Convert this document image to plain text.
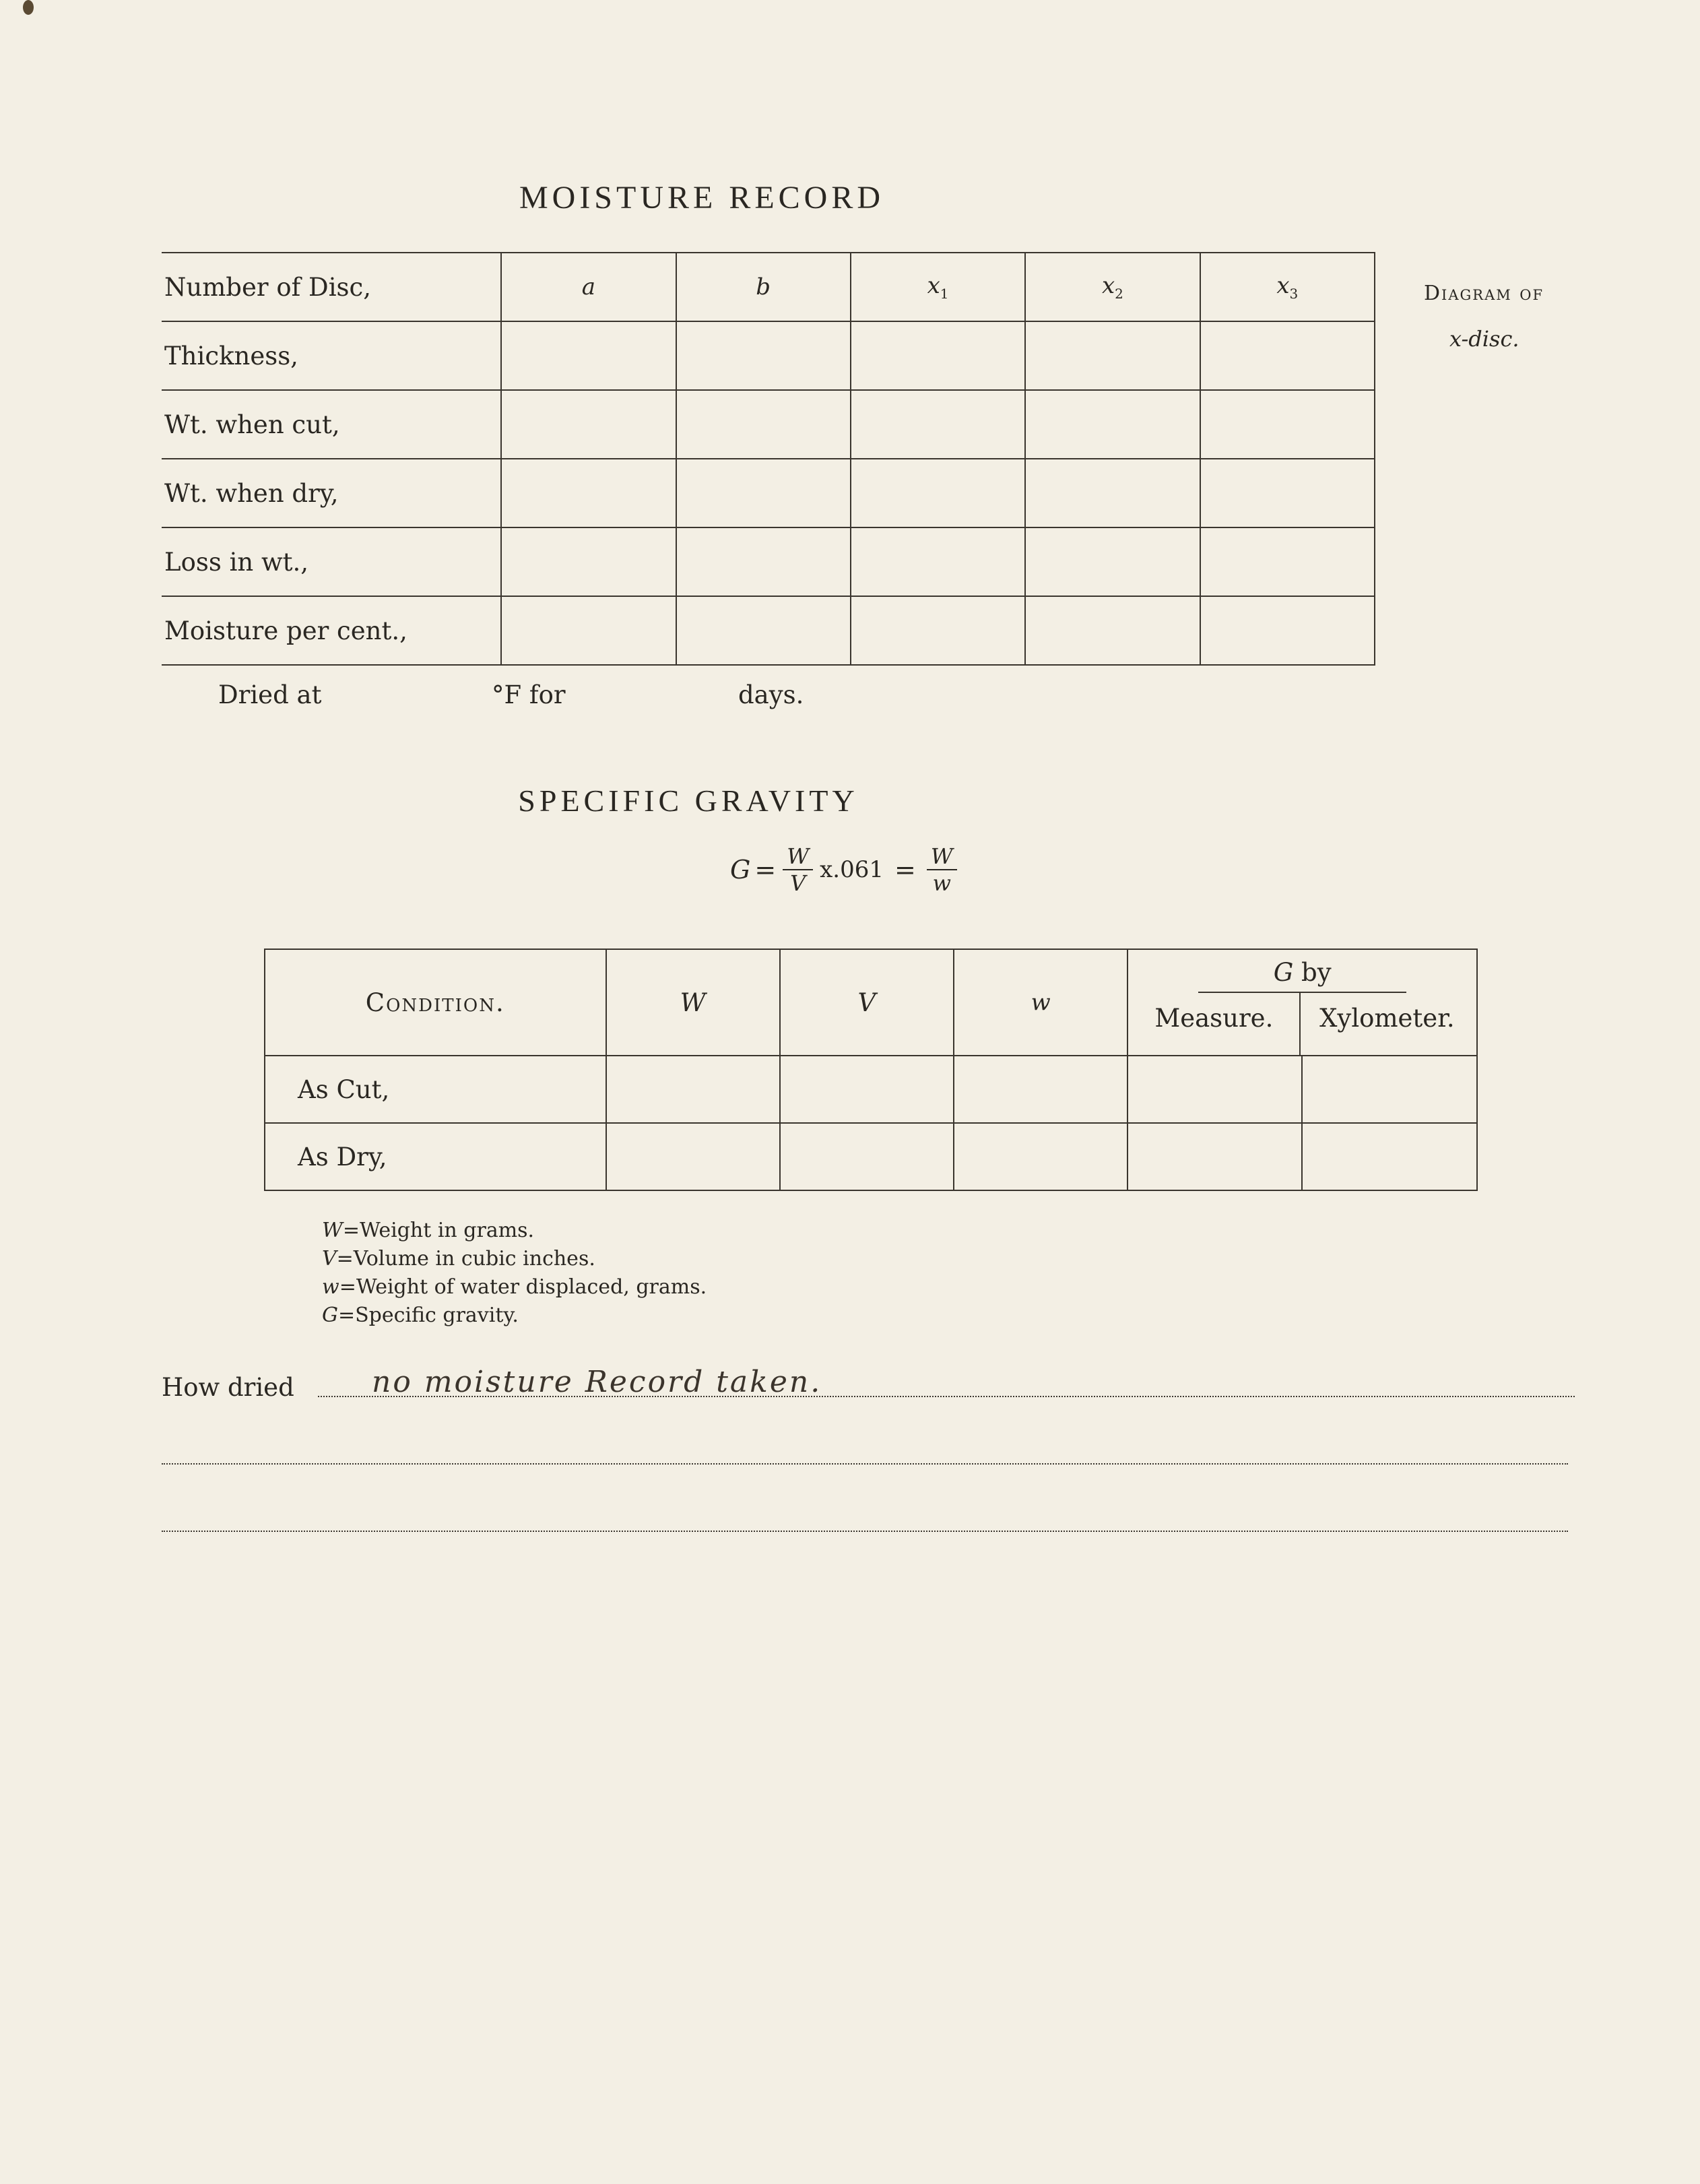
MOISTURE RECORD
Number of Disc,	a	b	$x_1$	$x_2$	$x_3$
Thickness,					
Wt. when cut,					
Wt. when dry,					
Loss in wt.,					
Moisture per cent.,					
Diagram of
x-disc.
Dried at	°F for	days.
SPECIFIC GRAVITY
$G = \frac{W}{V} x.061 = \frac{W}{w}$
Condition.	W	V	w	G by
Measure. Xylometer.	

As Cut,					
As Dry,					
W=Weight in grams.
V=Volume in cubic inches.
w=Weight of water displaced, grams.
G=Specific gravity.
How dried	no moisture Record taken.
